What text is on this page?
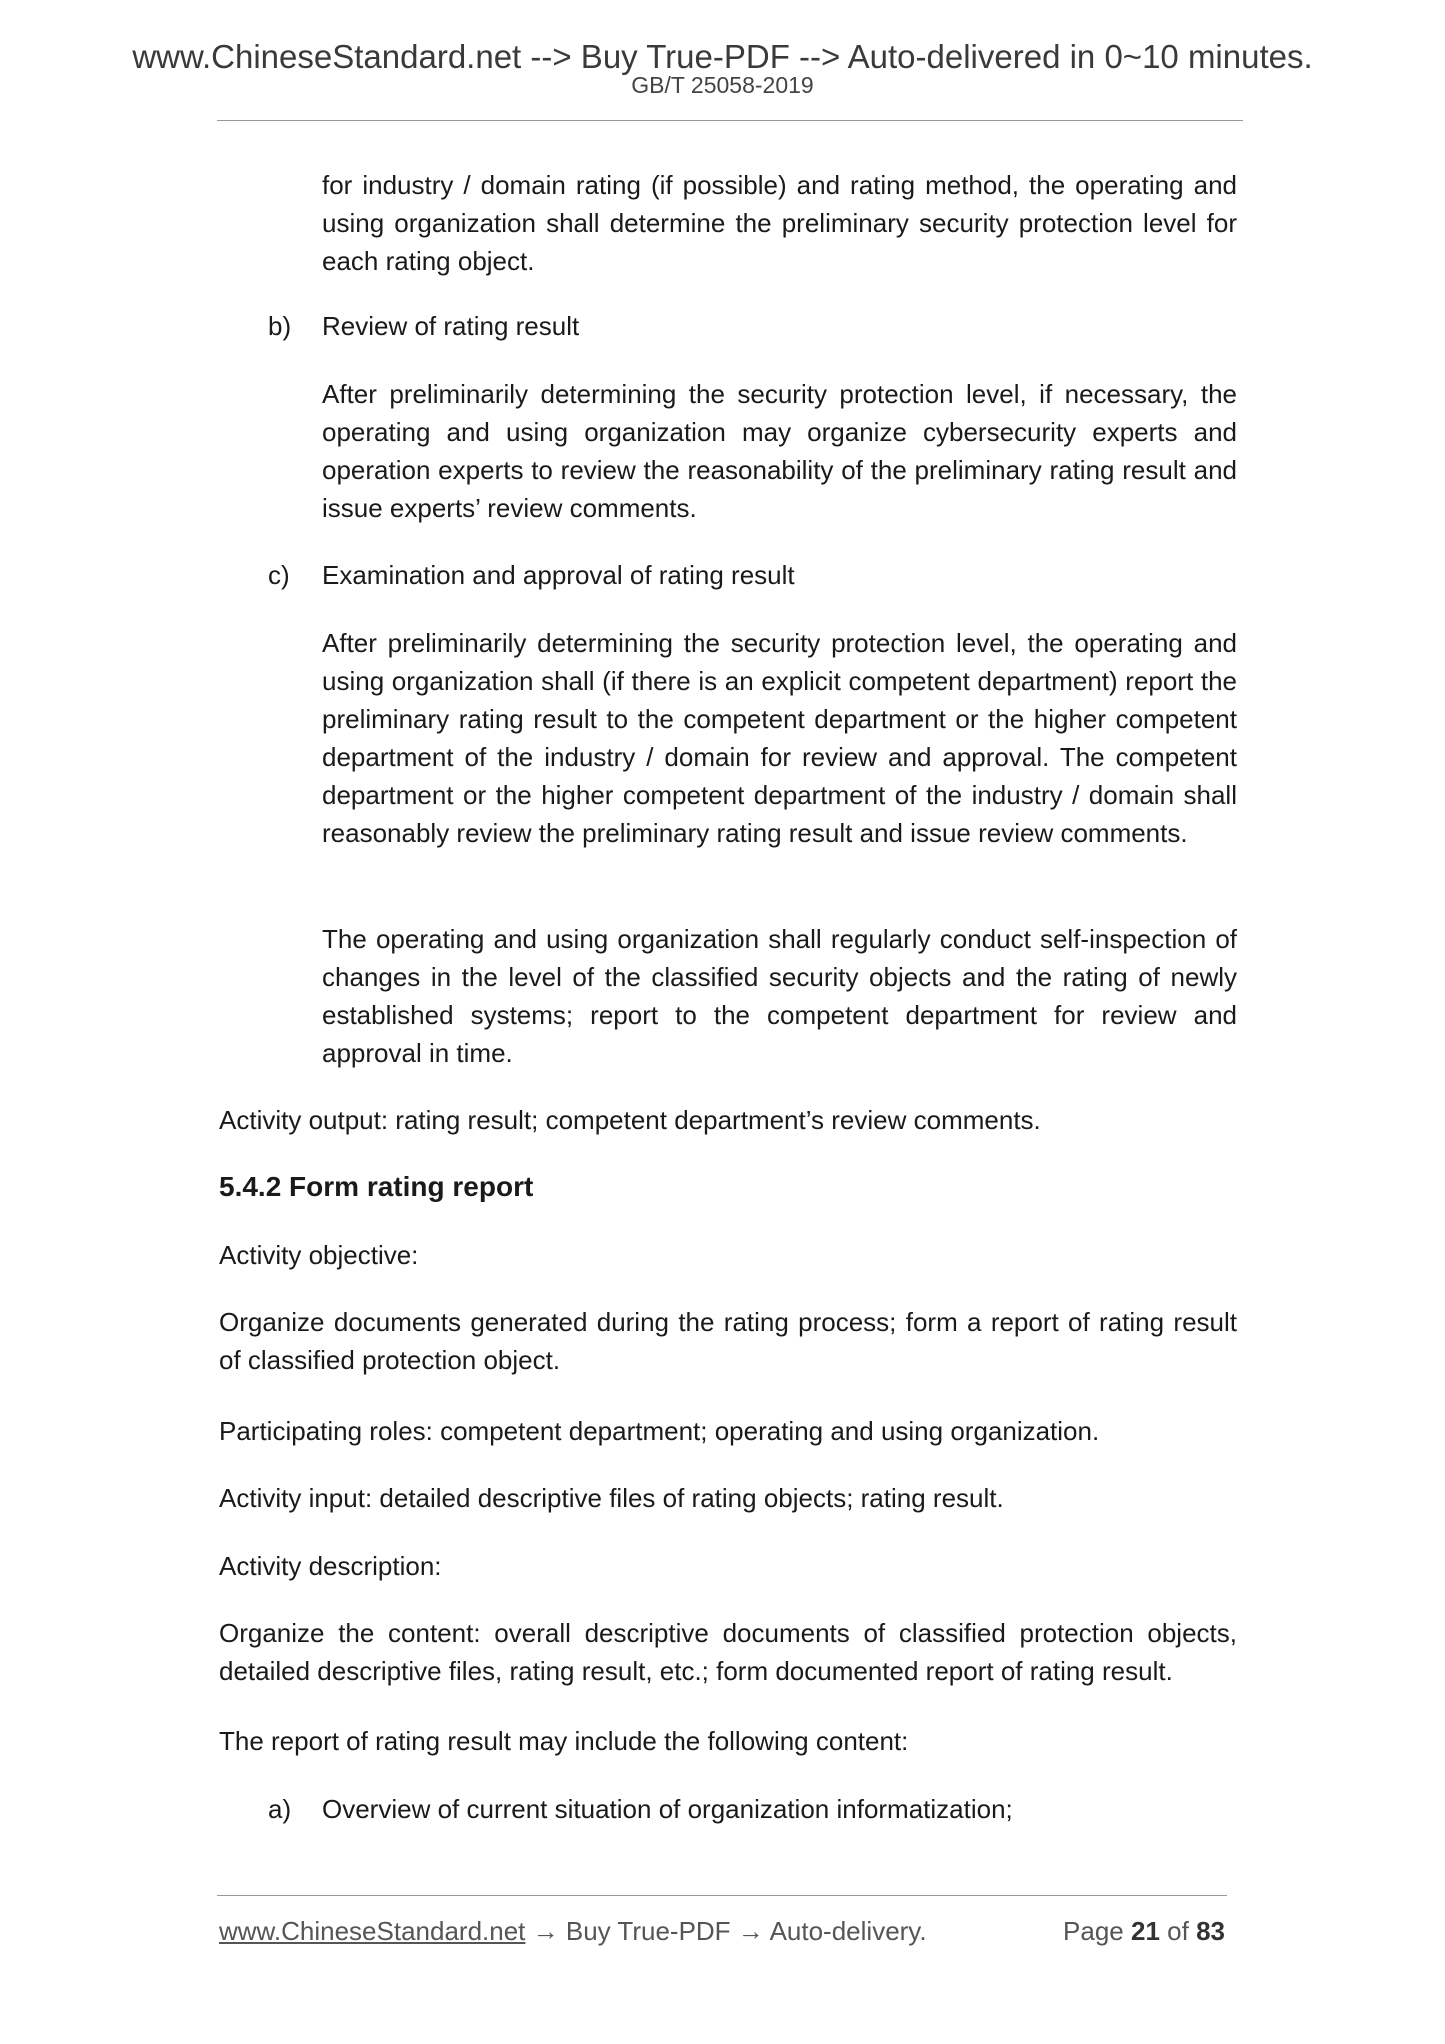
www.ChineseStandard.net --> Buy True-PDF --> Auto-delivered in 0~10 minutes.
GB/T 25058-2019

for industry / domain rating (if possible) and rating method, the operating and using organization shall determine the preliminary security protection level for each rating object.

b) Review of rating result

After preliminarily determining the security protection level, if necessary, the operating and using organization may organize cybersecurity experts and operation experts to review the reasonability of the preliminary rating result and issue experts’ review comments.

c) Examination and approval of rating result

After preliminarily determining the security protection level, the operating and using organization shall (if there is an explicit competent department) report the preliminary rating result to the competent department or the higher competent department of the industry / domain for review and approval. The competent department or the higher competent department of the industry / domain shall reasonably review the preliminary rating result and issue review comments.

The operating and using organization shall regularly conduct self-inspection of changes in the level of the classified security objects and the rating of newly established systems; report to the competent department for review and approval in time.

Activity output: rating result; competent department’s review comments.

5.4.2 Form rating report

Activity objective:

Organize documents generated during the rating process; form a report of rating result of classified protection object.

Participating roles: competent department; operating and using organization.

Activity input: detailed descriptive files of rating objects; rating result.

Activity description:

Organize the content: overall descriptive documents of classified protection objects, detailed descriptive files, rating result, etc.; form documented report of rating result.

The report of rating result may include the following content:

a) Overview of current situation of organization informatization;
www.ChineseStandard.net → Buy True-PDF → Auto-delivery.	Page 21 of 83
